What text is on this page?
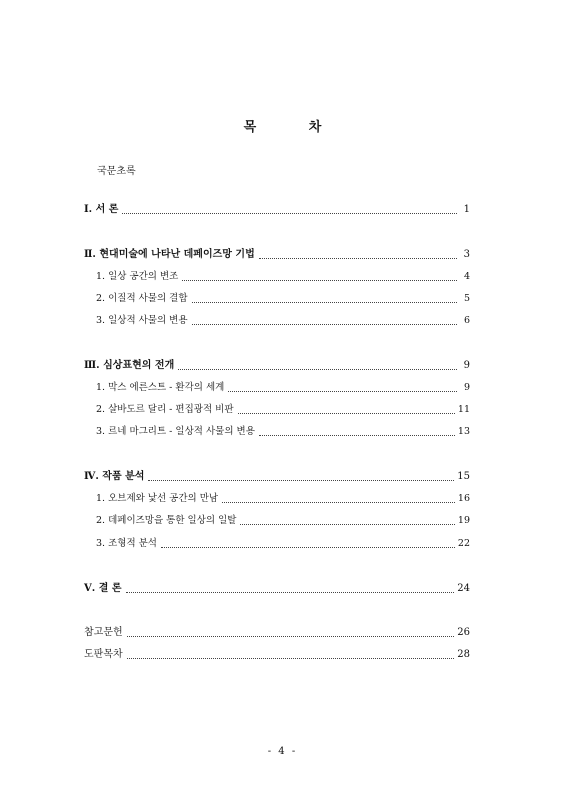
목 차
국문초록
Ⅰ. 서 론	1
Ⅱ. 현대미술에 나타난 데페이즈망 기법	3
1. 일상 공간의 변조	4
2. 이질적 사물의 결합	5
3. 일상적 사물의 변용	6
Ⅲ. 심상표현의 전개	9
1. 막스 에른스트 - 환각의 세계	9
2. 살바도르 달리 - 편집광적 비판	11
3. 르네 마그리트 - 일상적 사물의 변용	13
Ⅳ. 작품 분석	15
1. 오브제와 낯선 공간의 만남	16
2. 데페이즈망을 통한 일상의 일탈	19
3. 조형적 분석	22
Ⅴ. 결 론	24
참고문헌	26
도판목차	28
- 4 -
